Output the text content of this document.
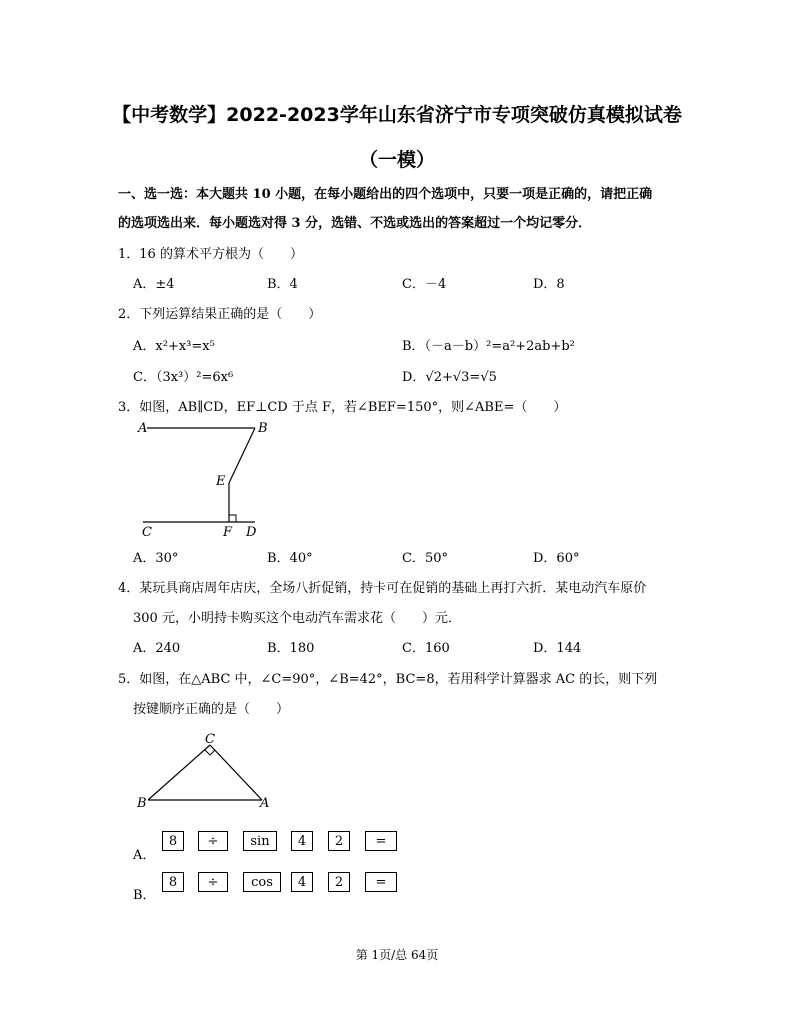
【中考数学】2022-2023学年山东省济宁市专项突破仿真模拟试卷
（一模）
一、选一选：本大题共 10 小题，在每小题给出的四个选项中，只要一项是正确的，请把正确
的选项选出来．每小题选对得 3 分，选错、不选或选出的答案超过一个均记零分．
1．16 的算术平方根为（　　）
A．±4	B．4	C．－4	D．8
2．下列运算结果正确的是（　　）
A．x²+x³=x⁵	B．（－a－b）²=a²+2ab+b²
C．（3x³）²=6x⁶	D．√2+√3=√5
3．如图，AB∥CD，EF⊥CD 于点 F，若∠BEF=150°，则∠ABE=（　　）
A	B
E
C	F D
A．30°	B．40°	C．50°	D．60°
4．某玩具商店周年店庆，全场八折促销，持卡可在促销的基础上再打六折．某电动汽车原价
300 元，小明持卡购买这个电动汽车需求花（　　）元．
A．240	B．180	C．160	D．144
5．如图，在△ABC 中，∠C=90°，∠B=42°，BC=8，若用科学计算器求 AC 的长，则下列
按键顺序正确的是（　　）
C
B	A
A．
8	÷	sin	4	2	=
B．
8	÷	cos	4	2	=
第 1页/总 64页
